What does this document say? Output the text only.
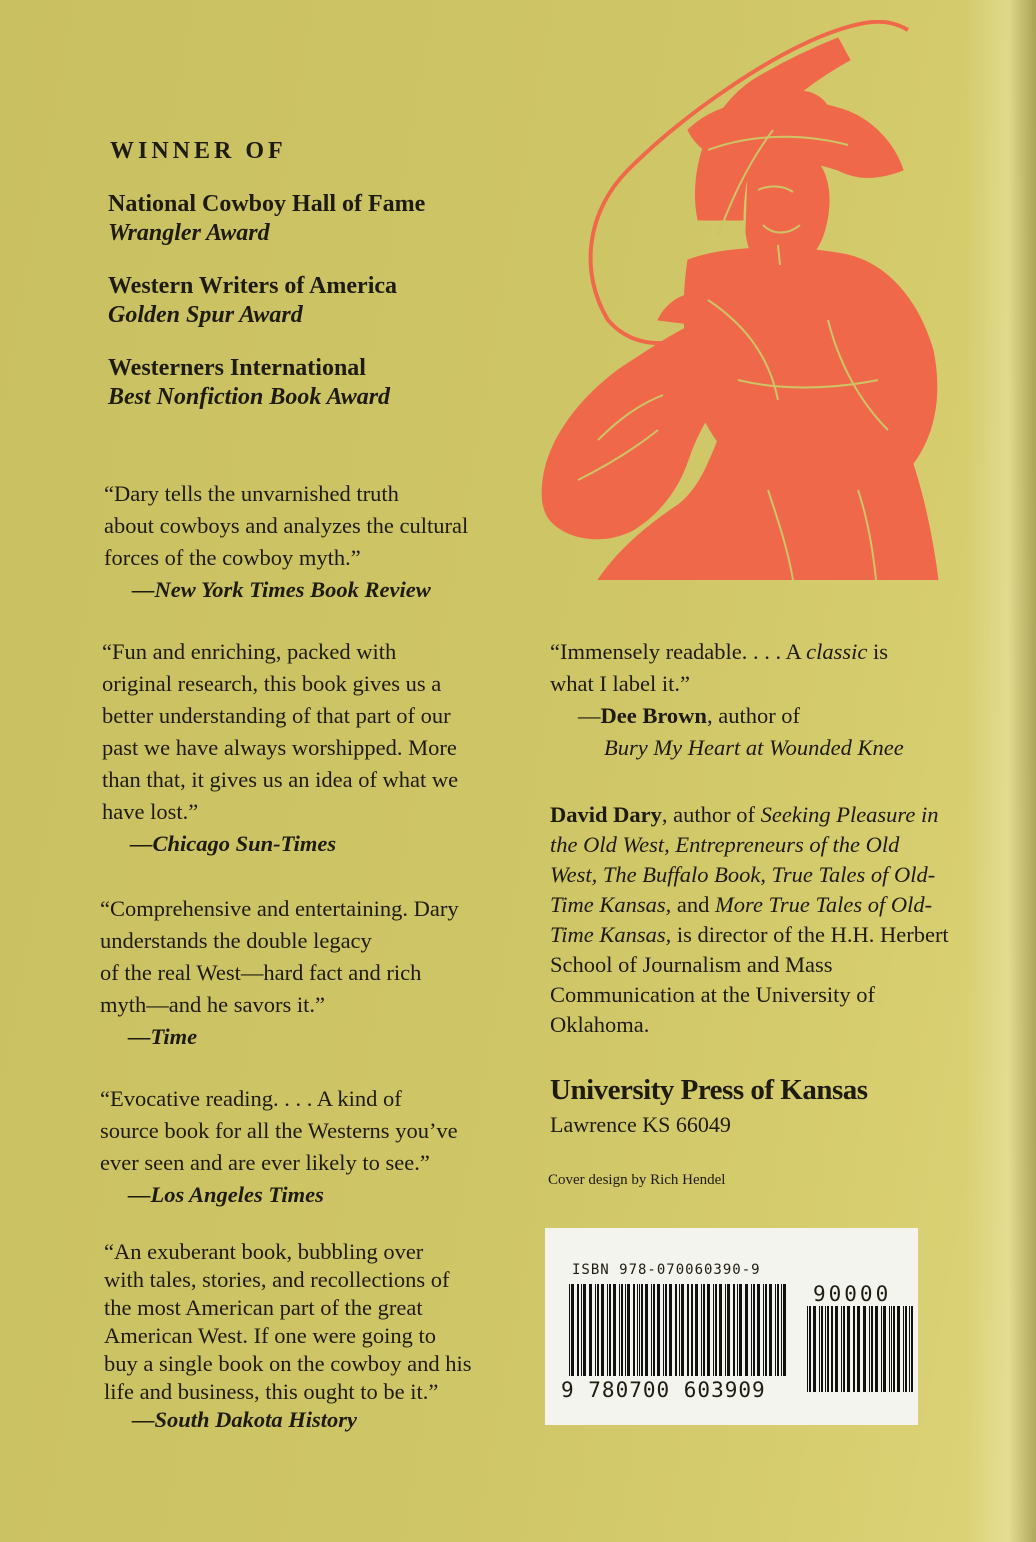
WINNER OF
National Cowboy Hall of Fame
Wrangler Award
Western Writers of America
Golden Spur Award
Westerners International
Best Nonfiction Book Award
“Dary tells the unvarnished truth
about cowboys and analyzes the cultural
forces of the cowboy myth.”
—New York Times Book Review
“Fun and enriching, packed with
original research, this book gives us a
better understanding of that part of our
past we have always worshipped. More
than that, it gives us an idea of what we
have lost.”
—Chicago Sun-Times
“Comprehensive and entertaining. Dary
understands the double legacy
of the real West—hard fact and rich
myth—and he savors it.”
—Time
“Evocative reading. . . . A kind of
source book for all the Westerns you’ve
ever seen and are ever likely to see.”
—Los Angeles Times
“An exuberant book, bubbling over
with tales, stories, and recollections of
the most American part of the great
American West. If one were going to
buy a single book on the cowboy and his
life and business, this ought to be it.”
—South Dakota History
“Immensely readable. . . . A classic is
what I label it.”
—Dee Brown, author of
Bury My Heart at Wounded Knee
David Dary, author of Seeking Pleasure in the Old West, Entrepreneurs of the Old West, The Buffalo Book, True Tales of Old-Time Kansas, and More True Tales of Old-Time Kansas, is director of the H.H. Herbert School of Journalism and Mass Communication at the University of Oklahoma.
University Press of Kansas
Lawrence KS 66049
Cover design by Rich Hendel
ISBN 978-070060390-9
90000
9 780700 603909
